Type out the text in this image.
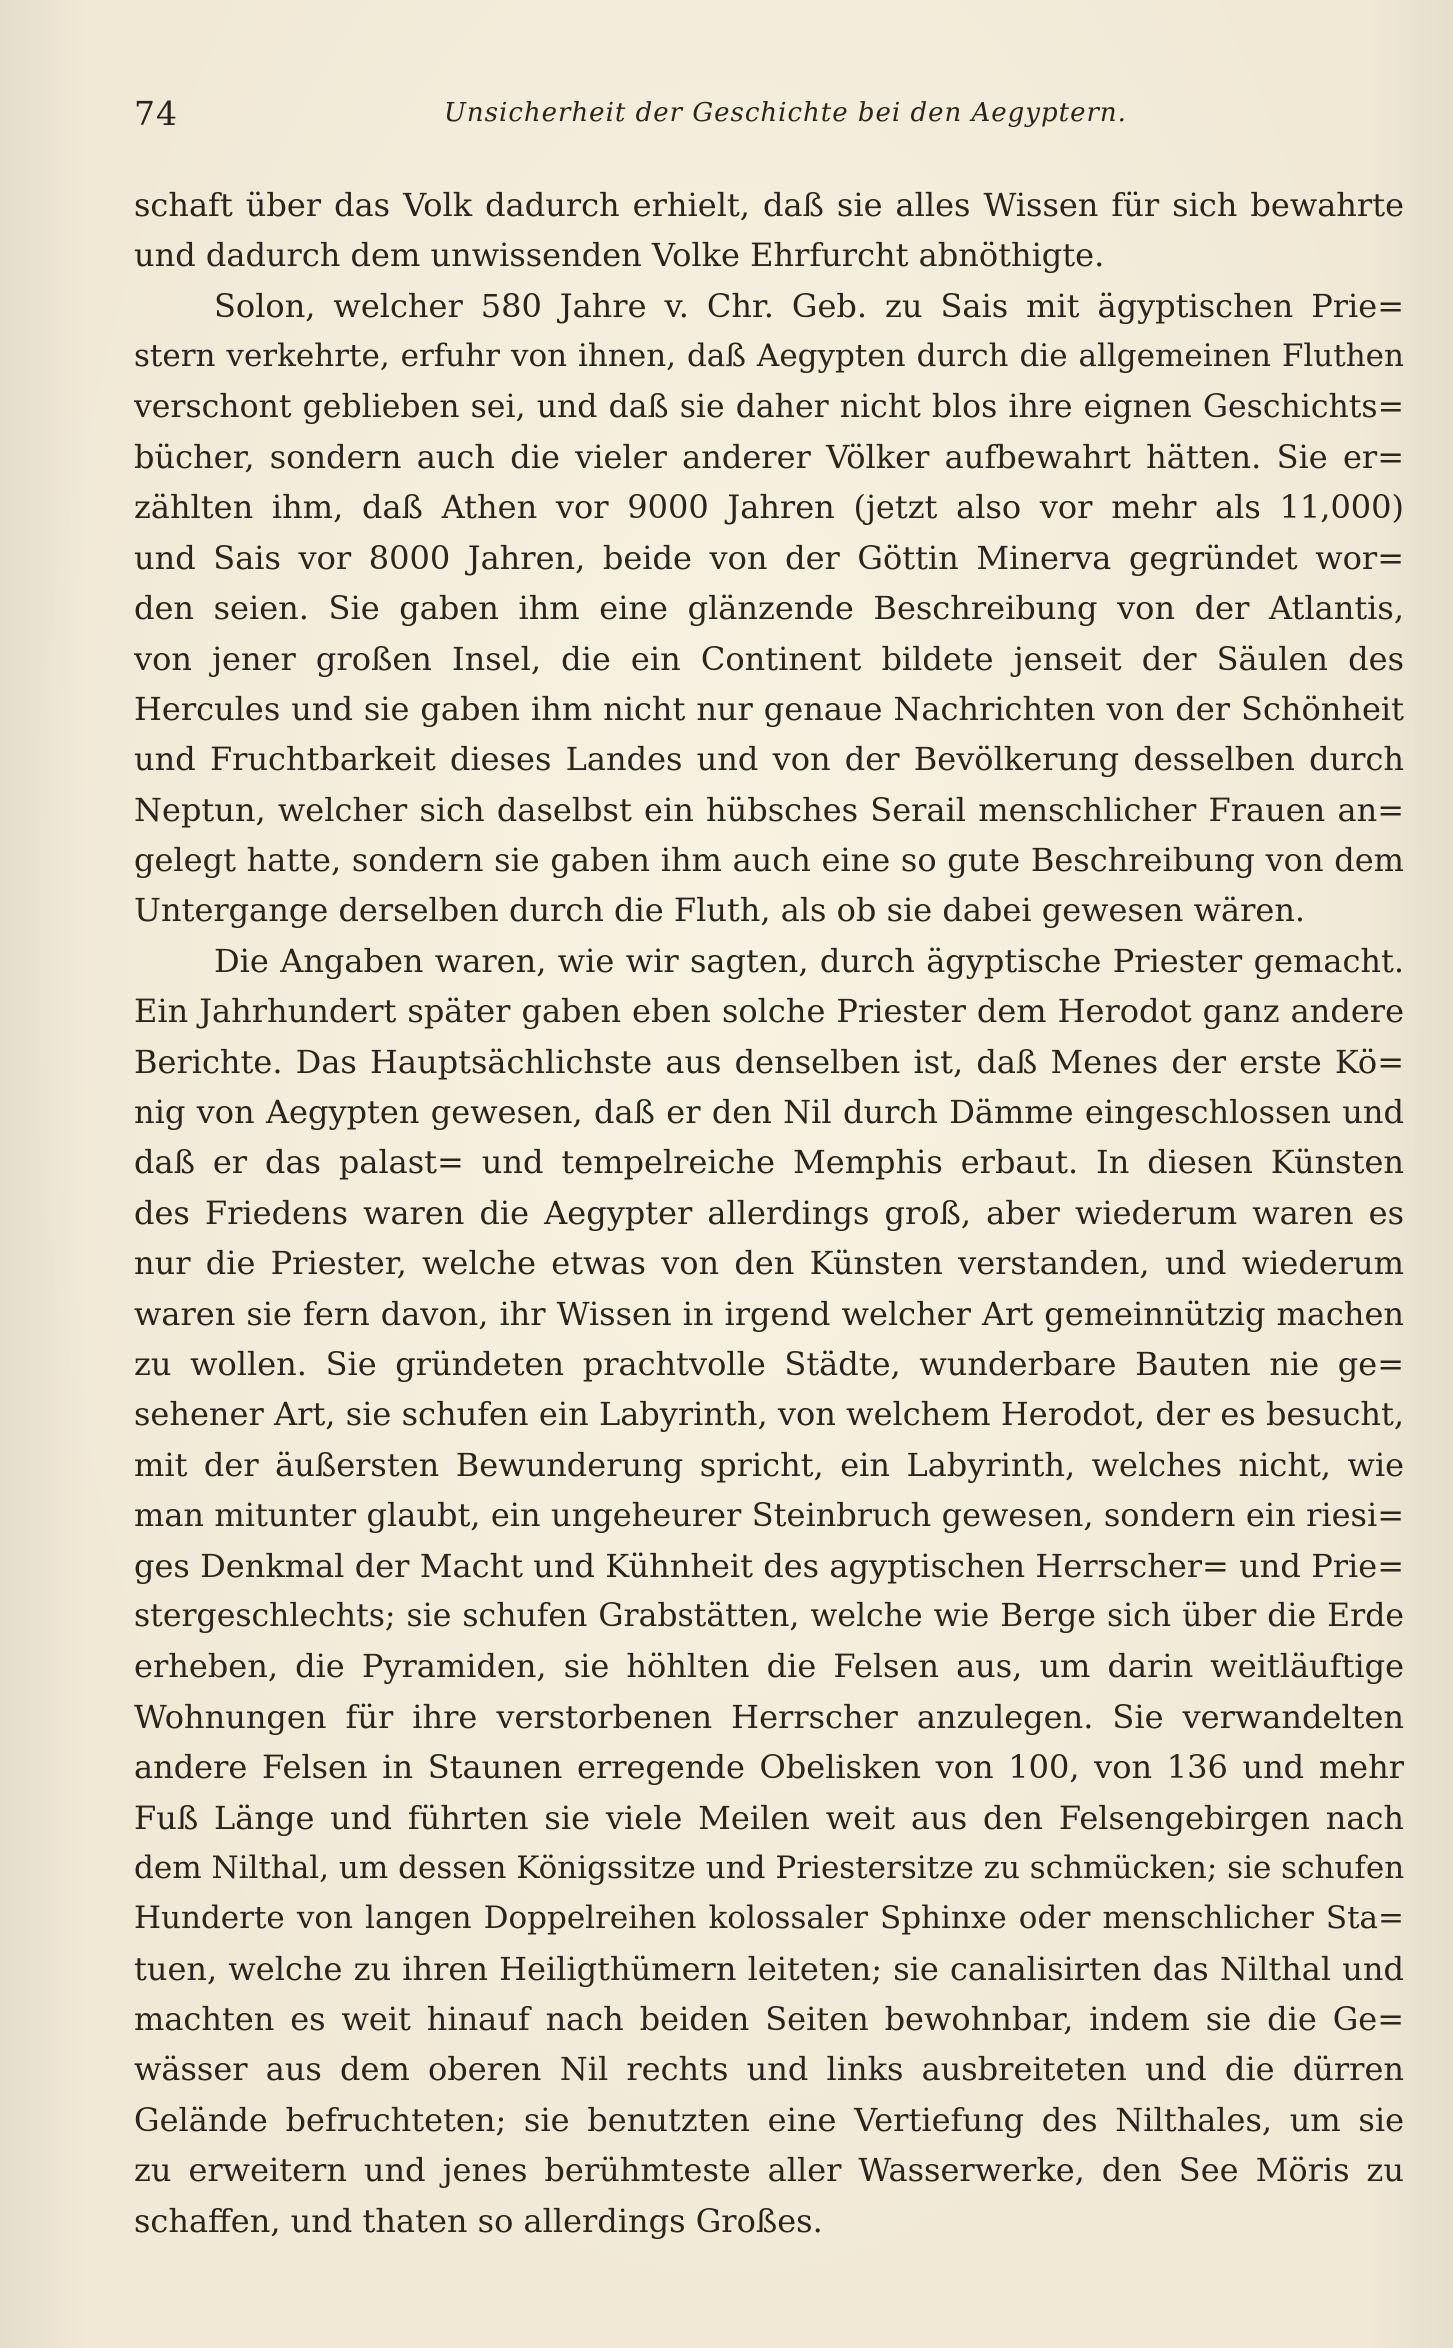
74	Unsicherheit der Geschichte bei den Aegyptern.
schaft über das Volk dadurch erhielt, daß sie alles Wissen für sich bewahrte
und dadurch dem unwissenden Volke Ehrfurcht abnöthigte.
Solon, welcher 580 Jahre v. Chr. Geb. zu Sais mit ägyptischen Prie=
stern verkehrte, erfuhr von ihnen, daß Aegypten durch die allgemeinen Fluthen
verschont geblieben sei, und daß sie daher nicht blos ihre eignen Geschichts=
bücher, sondern auch die vieler anderer Völker aufbewahrt hätten. Sie er=
zählten ihm, daß Athen vor 9000 Jahren (jetzt also vor mehr als 11,000)
und Sais vor 8000 Jahren, beide von der Göttin Minerva gegründet wor=
den seien. Sie gaben ihm eine glänzende Beschreibung von der Atlantis,
von jener großen Insel, die ein Continent bildete jenseit der Säulen des
Hercules und sie gaben ihm nicht nur genaue Nachrichten von der Schönheit
und Fruchtbarkeit dieses Landes und von der Bevölkerung desselben durch
Neptun, welcher sich daselbst ein hübsches Serail menschlicher Frauen an=
gelegt hatte, sondern sie gaben ihm auch eine so gute Beschreibung von dem
Untergange derselben durch die Fluth, als ob sie dabei gewesen wären.
Die Angaben waren, wie wir sagten, durch ägyptische Priester gemacht.
Ein Jahrhundert später gaben eben solche Priester dem Herodot ganz andere
Berichte. Das Hauptsächlichste aus denselben ist, daß Menes der erste Kö=
nig von Aegypten gewesen, daß er den Nil durch Dämme eingeschlossen und
daß er das palast= und tempelreiche Memphis erbaut. In diesen Künsten
des Friedens waren die Aegypter allerdings groß, aber wiederum waren es
nur die Priester, welche etwas von den Künsten verstanden, und wiederum
waren sie fern davon, ihr Wissen in irgend welcher Art gemeinnützig machen
zu wollen. Sie gründeten prachtvolle Städte, wunderbare Bauten nie ge=
sehener Art, sie schufen ein Labyrinth, von welchem Herodot, der es besucht,
mit der äußersten Bewunderung spricht, ein Labyrinth, welches nicht, wie
man mitunter glaubt, ein ungeheurer Steinbruch gewesen, sondern ein riesi=
ges Denkmal der Macht und Kühnheit des agyptischen Herrscher= und Prie=
stergeschlechts; sie schufen Grabstätten, welche wie Berge sich über die Erde
erheben, die Pyramiden, sie höhlten die Felsen aus, um darin weitläuftige
Wohnungen für ihre verstorbenen Herrscher anzulegen. Sie verwandelten
andere Felsen in Staunen erregende Obelisken von 100, von 136 und mehr
Fuß Länge und führten sie viele Meilen weit aus den Felsengebirgen nach
dem Nilthal, um dessen Königssitze und Priestersitze zu schmücken; sie schufen
Hunderte von langen Doppelreihen kolossaler Sphinxe oder menschlicher Sta=
tuen, welche zu ihren Heiligthümern leiteten; sie canalisirten das Nilthal und
machten es weit hinauf nach beiden Seiten bewohnbar, indem sie die Ge=
wässer aus dem oberen Nil rechts und links ausbreiteten und die dürren
Gelände befruchteten; sie benutzten eine Vertiefung des Nilthales, um sie
zu erweitern und jenes berühmteste aller Wasserwerke, den See Möris zu
schaffen, und thaten so allerdings Großes.
